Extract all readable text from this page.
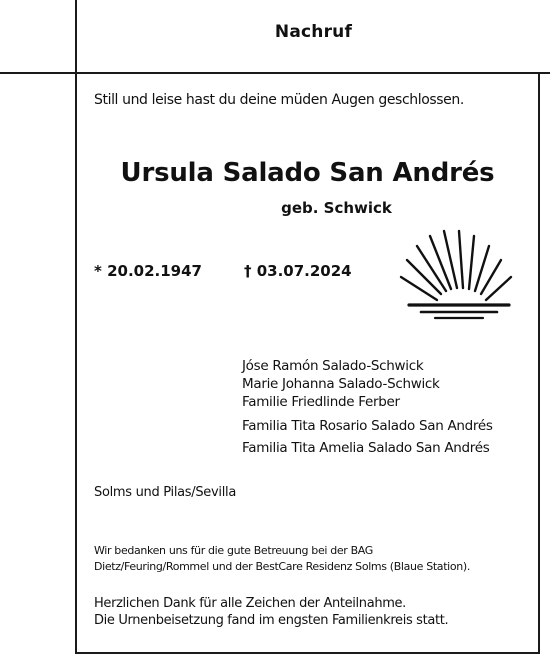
Nachruf
Still und leise hast du deine müden Augen geschlossen.
Ursula Salado San Andrés
geb. Schwick
* 20.02.1947	† 03.07.2024
Jóse Ramón Salado-Schwick
Marie Johanna Salado-Schwick
Familie Friedlinde Ferber
Familia Tita Rosario Salado San Andrés
Familia Tita Amelia Salado San Andrés
Solms und Pilas/Sevilla
Wir bedanken uns für die gute Betreuung bei der BAG
Dietz/Feuring/Rommel und der BestCare Residenz Solms (Blaue Station).
Herzlichen Dank für alle Zeichen der Anteilnahme.
Die Urnenbeisetzung fand im engsten Familienkreis statt.
